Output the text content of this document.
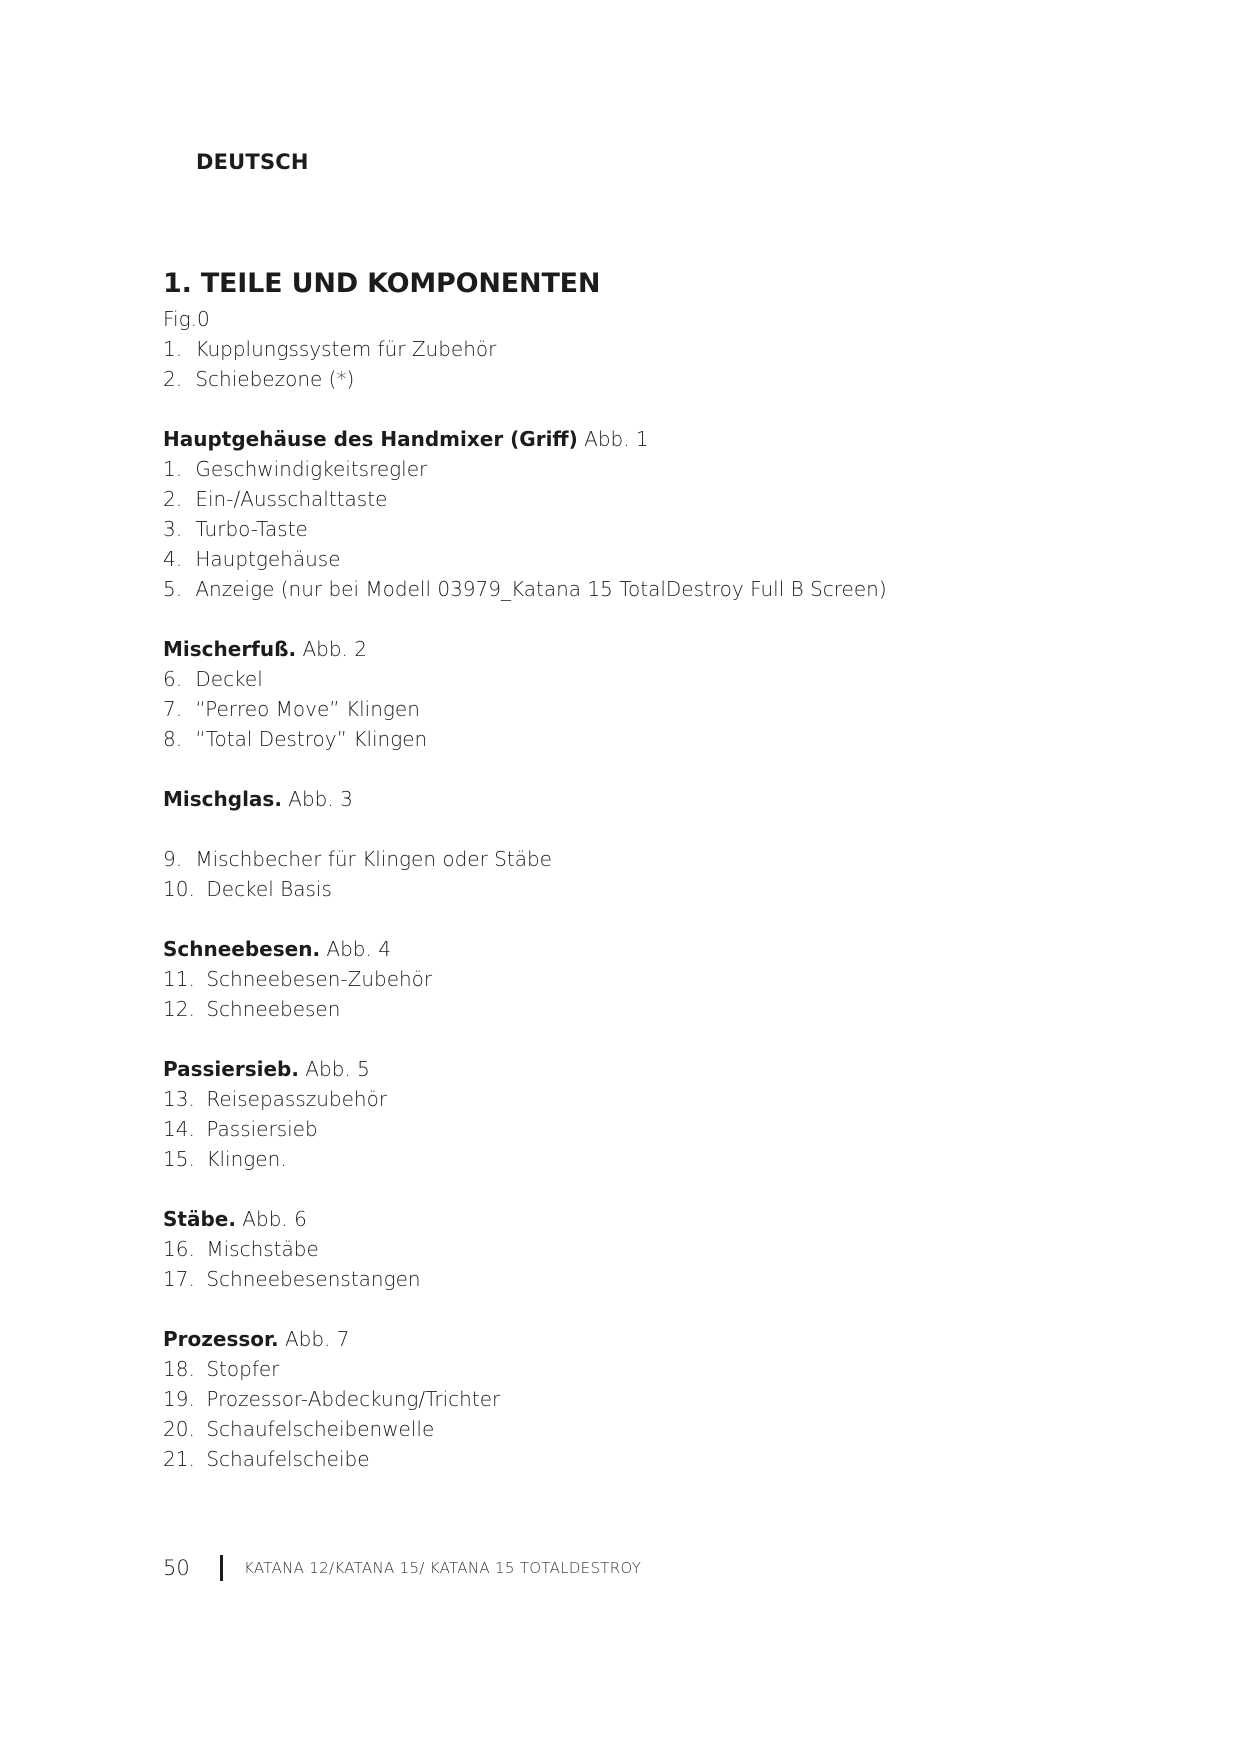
DEUTSCH

1. TEILE UND KOMPONENTEN

Fig.0

1. Kupplungssystem für Zubehör
2. Schiebezone (*)

Hauptgehäuse des Handmixer (Griff) Abb. 1

1. Geschwindigkeitsregler
2. Ein-/Ausschalttaste
3. Turbo-Taste
4. Hauptgehäuse
5. Anzeige (nur bei Modell 03979_Katana 15 TotalDestroy Full B Screen)

Mischerfuß. Abb. 2

6. Deckel
7. “Perreo Move” Klingen
8. “Total Destroy” Klingen

Mischglas. Abb. 3

9. Mischbecher für Klingen oder Stäbe
10. Deckel Basis

Schneebesen. Abb. 4

11. Schneebesen-Zubehör
12. Schneebesen

Passiersieb. Abb. 5

13. Reisepasszubehör
14. Passiersieb
15. Klingen.

Stäbe. Abb. 6

16. Mischstäbe
17. Schneebesenstangen

Prozessor. Abb. 7

18. Stopfer
19. Prozessor-Abdeckung/Trichter
20. Schaufelscheibenwelle
21. Schaufelscheibe
50	KATANA 12/KATANA 15/ KATANA 15 TOTALDESTROY
